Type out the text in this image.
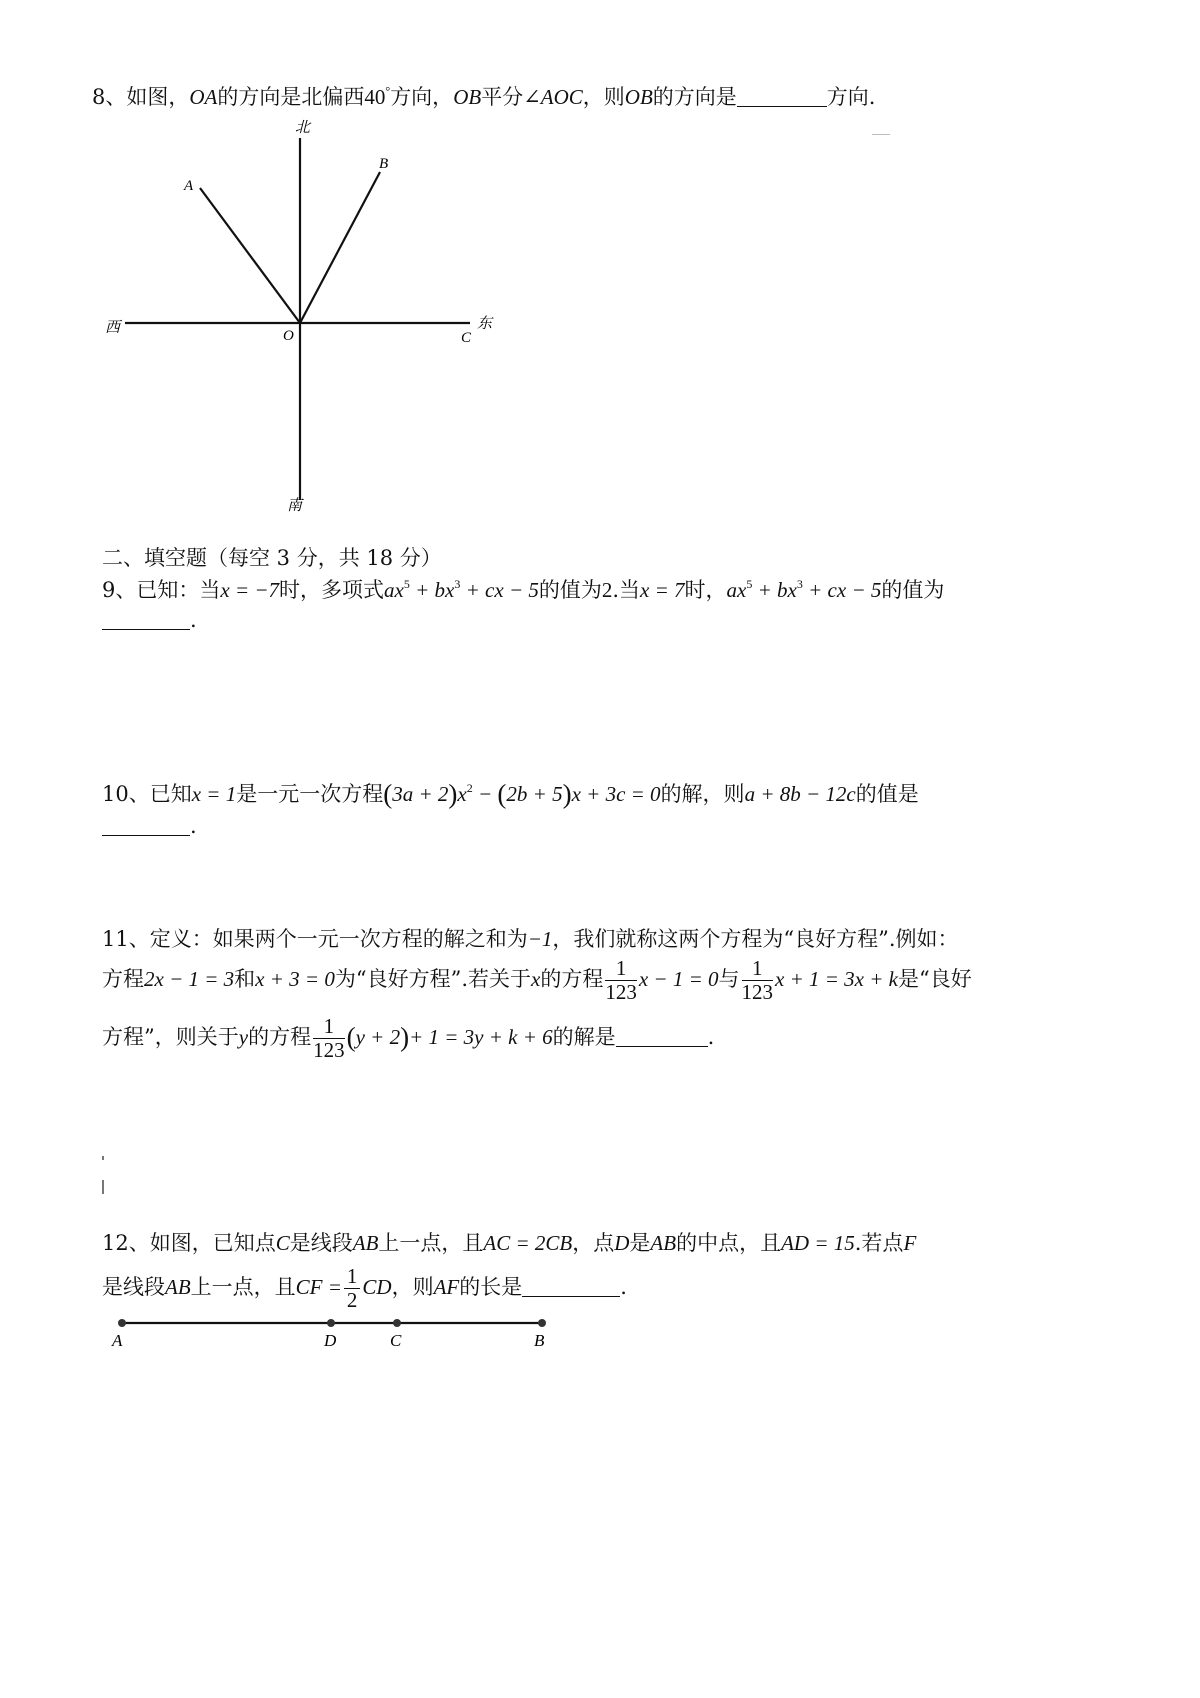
8、如图，OA的方向是北偏西40°方向，OB平分∠AOC，则OB的方向是	方向.
北
南
西	东
A
B
O	C
二、填空题（每空 3 分，共 18 分）
9、已知：当x = −7时，多项式$ax^5 + bx^3$ + cx − 5的值为2.当x = 7时，$ax^5 + bx^3$ + cx − 5的值为
.
10、已知x = 1是一元一次方程$(3a + 2)x^2 - (2b + 5)x + 3c = 0$的解，则a + 8b − 12c的值是
.
11、定义：如果两个一元一次方程的解之和为−1，我们就称这两个方程为“良好方程”.例如：
方程2x − 1 = 3和x + 3 = 0为“良好方程”.若关于x的方程 $\frac{1}{123}$ x − 1 = 0与 $\frac{1}{123}$ x + 1 = 3x + k是“良好
方程”，则关于y的方程 $\frac{1}{123} (y + 2)+ 1 = 3y + k + 6$的解是	.
12、如图，已知点C是线段AB上一点，且AC = 2CB，点D是AB的中点，且AD = 15.若点F
是线段AB上一点，且CF = $\frac{1}{2}$ CD，则AF的长是	.
A	D	C	B
